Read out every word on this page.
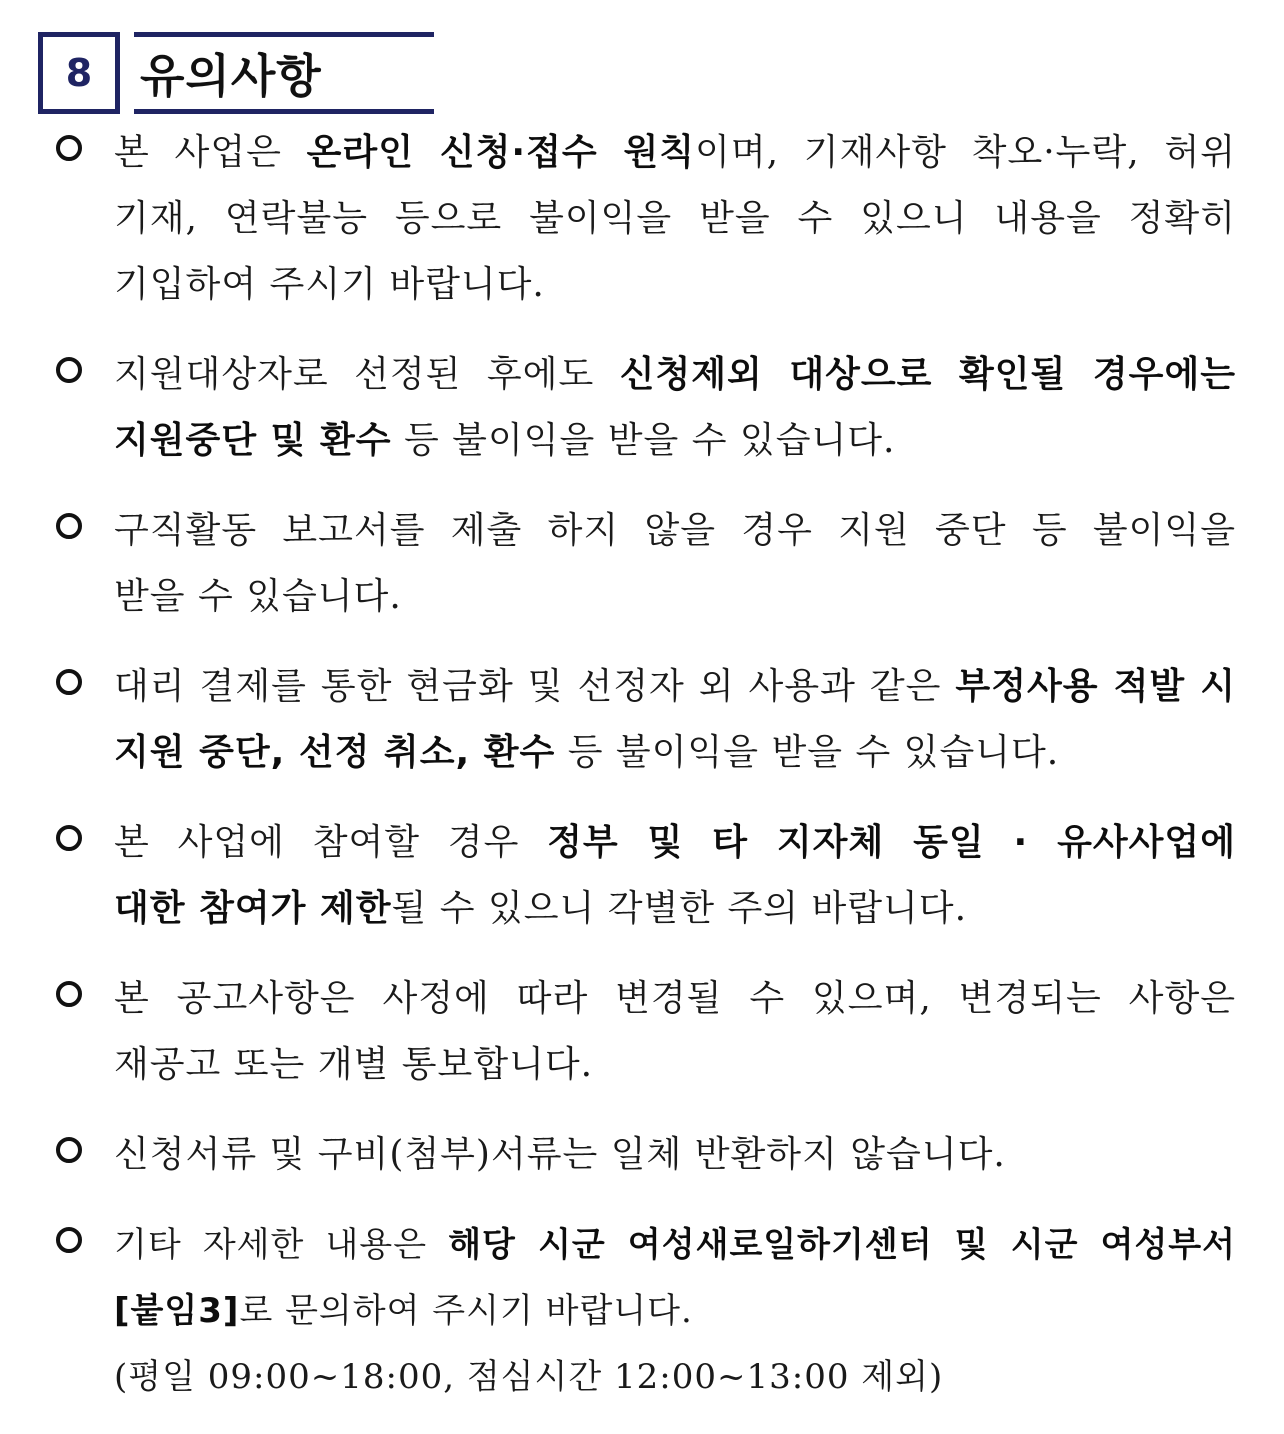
8	유의사항
본 사업은 온라인 신청·접수 원칙이며, 기재사항 착오·누락, 허위
기재, 연락불능 등으로 불이익을 받을 수 있으니 내용을 정확히
기입하여 주시기 바랍니다.
지원대상자로 선정된 후에도 신청제외 대상으로 확인될 경우에는
지원중단 및 환수 등 불이익을 받을 수 있습니다.
구직활동 보고서를 제출 하지 않을 경우 지원 중단 등 불이익을
받을 수 있습니다.
대리 결제를 통한 현금화 및 선정자 외 사용과 같은 부정사용 적발 시
지원 중단, 선정 취소, 환수 등 불이익을 받을 수 있습니다.
본 사업에 참여할 경우 정부 및 타 지자체 동일 · 유사사업에
대한 참여가 제한될 수 있으니 각별한 주의 바랍니다.
본 공고사항은 사정에 따라 변경될 수 있으며, 변경되는 사항은
재공고 또는 개별 통보합니다.
신청서류 및 구비(첨부)서류는 일체 반환하지 않습니다.
기타 자세한 내용은 해당 시군 여성새로일하기센터 및 시군 여성부서
[붙임3]로 문의하여 주시기 바랍니다.
(평일 09:00~18:00, 점심시간 12:00~13:00 제외)
